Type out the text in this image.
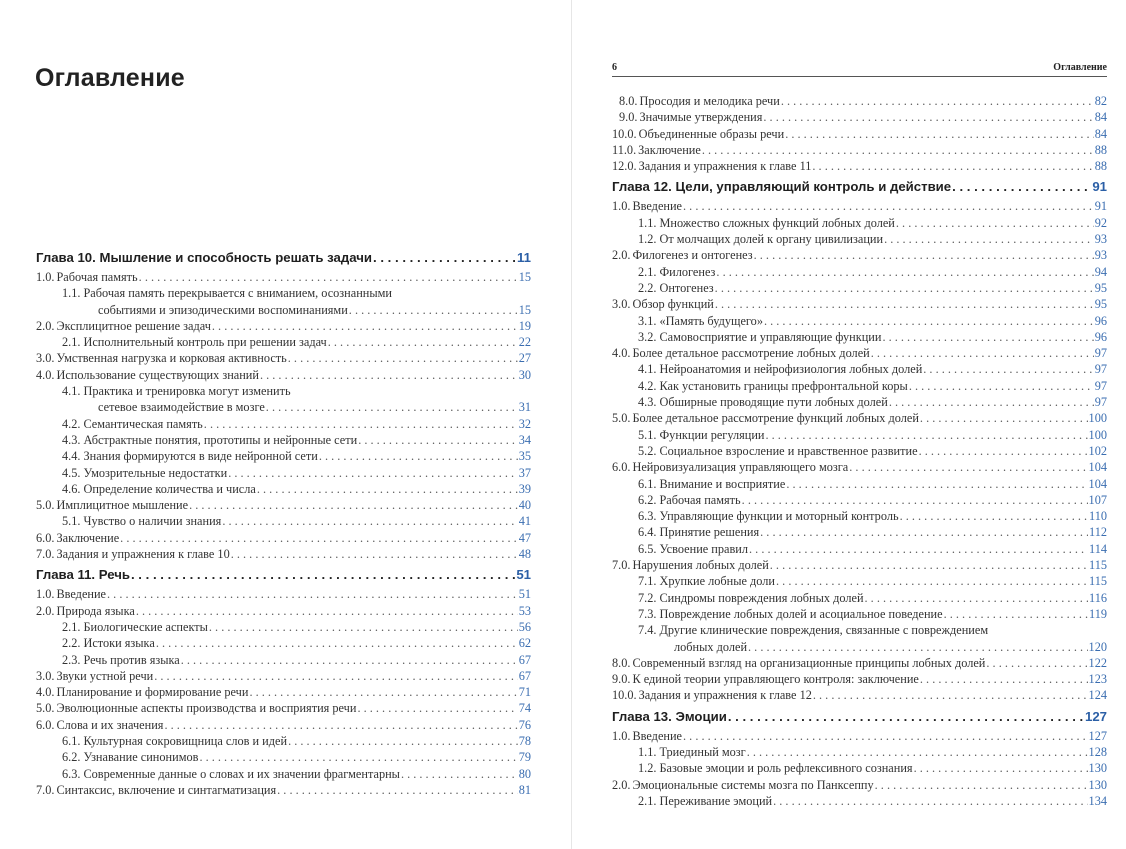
Оглавление
Глава 10. Мышление и способность решать задачи . . .	11
1.0. Рабочая память . . .	15
1.1. Рабочая память перекрывается с вниманием, осознанными
событиями и эпизодическими воспоминаниями . . .	15
2.0. Эксплицитное решение задач . . .	19
2.1. Исполнительный контроль при решении задач . . .	22
3.0. Умственная нагрузка и корковая активность . . .	27
4.0. Использование существующих знаний . . .	30
4.1. Практика и тренировка могут изменить
сетевое взаимодействие в мозге . . .	31
4.2. Семантическая память . . .	32
4.3. Абстрактные понятия, прототипы и нейронные сети . . .	34
4.4. Знания формируются в виде нейронной сети . . .	35
4.5. Умозрительные недостатки . . .	37
4.6. Определение количества и числа . . .	39
5.0. Имплицитное мышление . . .	40
5.1. Чувство о наличии знания . . .	41
6.0. Заключение . . .	47
7.0. Задания и упражнения к главе 10 . . .	48
Глава 11. Речь . . .	51
1.0. Введение . . .	51
2.0. Природа языка . . .	53
2.1. Биологические аспекты . . .	56
2.2. Истоки языка . . .	62
2.3. Речь против языка . . .	67
3.0. Звуки устной речи . . .	67
4.0. Планирование и формирование речи . . .	71
5.0. Эволюционные аспекты производства и восприятия речи . . .	74
6.0. Слова и их значения . . .	76
6.1. Культурная сокровищница слов и идей . . .	78
6.2. Узнавание синонимов . . .	79
6.3. Современные данные о словах и их значении фрагментарны . . .	80
7.0. Синтаксис, включение и синтагматизация . . .	81
6	Оглавление
8.0. Просодия и мелодика речи . . .	82
9.0. Значимые утверждения . . .	84
10.0. Объединенные образы речи . . .	84
11.0. Заключение . . .	88
12.0. Задания и упражнения к главе 11 . . .	88
Глава 12. Цели, управляющий контроль и действие . . .	91
1.0. Введение . . .	91
1.1. Множество сложных функций лобных долей . . .	92
1.2. От молчащих долей к органу цивилизации . . .	93
2.0. Филогенез и онтогенез . . .	93
2.1. Филогенез . . .	94
2.2. Онтогенез . . .	95
3.0. Обзор функций . . .	95
3.1. «Память будущего» . . .	96
3.2. Самовосприятие и управляющие функции . . .	96
4.0. Более детальное рассмотрение лобных долей . . .	97
4.1. Нейроанатомия и нейрофизиология лобных долей . . .	97
4.2. Как установить границы префронтальной коры . . .	97
4.3. Обширные проводящие пути лобных долей . . .	97
5.0. Более детальное рассмотрение функций лобных долей . . .	100
5.1. Функции регуляции . . .	100
5.2. Социальное взросление и нравственное развитие . . .	102
6.0. Нейровизуализация управляющего мозга . . .	104
6.1. Внимание и восприятие . . .	104
6.2. Рабочая память . . .	107
6.3. Управляющие функции и моторный контроль . . .	110
6.4. Принятие решения . . .	112
6.5. Усвоение правил . . .	114
7.0. Нарушения лобных долей . . .	115
7.1. Хрупкие лобные доли . . .	115
7.2. Синдромы повреждения лобных долей . . .	116
7.3. Повреждение лобных долей и асоциальное поведение . . .	119
7.4. Другие клинические повреждения, связанные с повреждением
лобных долей . . .	120
8.0. Современный взгляд на организационные принципы лобных долей . . .	122
9.0. К единой теории управляющего контроля: заключение . . .	123
10.0. Задания и упражнения к главе 12 . . .	124
Глава 13. Эмоции . . .	127
1.0. Введение . . .	127
1.1. Триединый мозг . . .	128
1.2. Базовые эмоции и роль рефлексивного сознания . . .	130
2.0. Эмоциональные системы мозга по Панксеппу . . .	130
2.1. Переживание эмоций . . .	134
